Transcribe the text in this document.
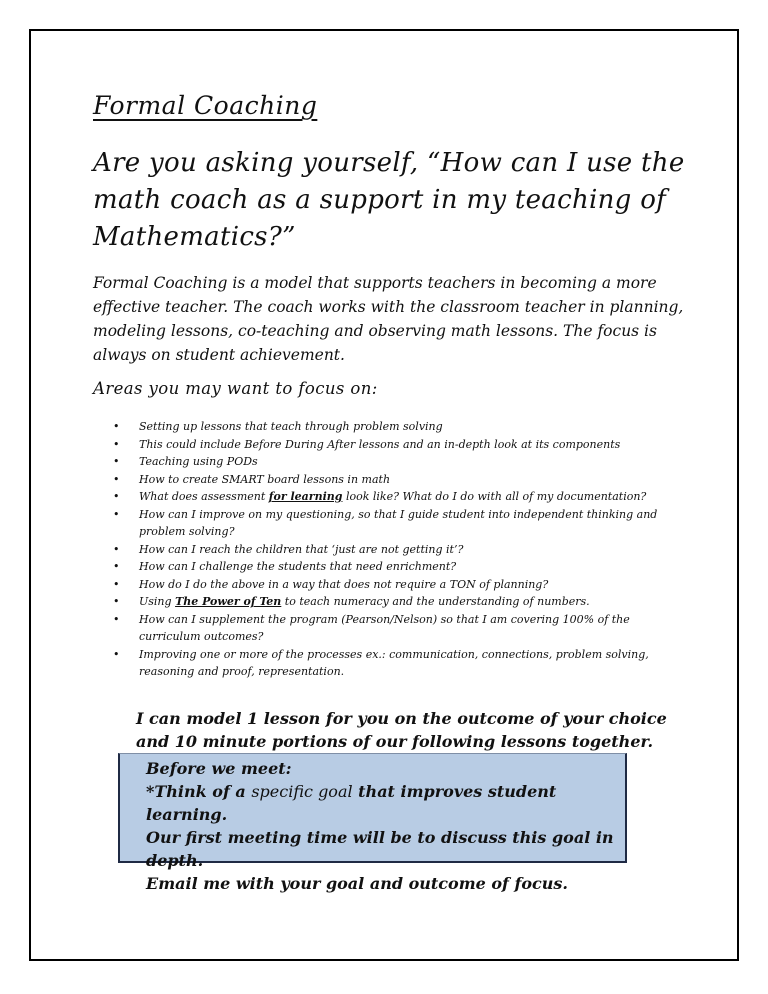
Formal Coaching
Are you asking yourself, “How can I use the math coach as a support in my teaching of Mathematics?”

Formal Coaching is a model that supports teachers in becoming a more effective teacher. The coach works with the classroom teacher in planning, modeling lessons, co-teaching and observing math lessons. The focus is always on student achievement.

Areas you may want to focus on:

• Setting up lessons that teach through problem solving
• This could include Before During After lessons and an in-depth look at its components
• Teaching using PODs
• How to create SMART board lessons in math
• What does assessment for learning look like? What do I do with all of my documentation?
• How can I improve on my questioning, so that I guide student into independent thinking and problem solving?
• How can I reach the children that ‘just are not getting it’?
• How can I challenge the students that need enrichment?
• How do I do the above in a way that does not require a TON of planning?
• Using The Power of Ten to teach numeracy and the understanding of numbers.
• How can I supplement the program (Pearson/Nelson) so that I am covering 100% of the curriculum outcomes?
• Improving one or more of the processes ex.: communication, connections, problem solving, reasoning and proof, representation.

I can model 1 lesson for you on the outcome of your choice and 10 minute portions of our following lessons together.

Before we meet:

*Think of a specific goal that improves student learning.

Our first meeting time will be to discuss this goal in depth.

Email me with your goal and outcome of focus.
